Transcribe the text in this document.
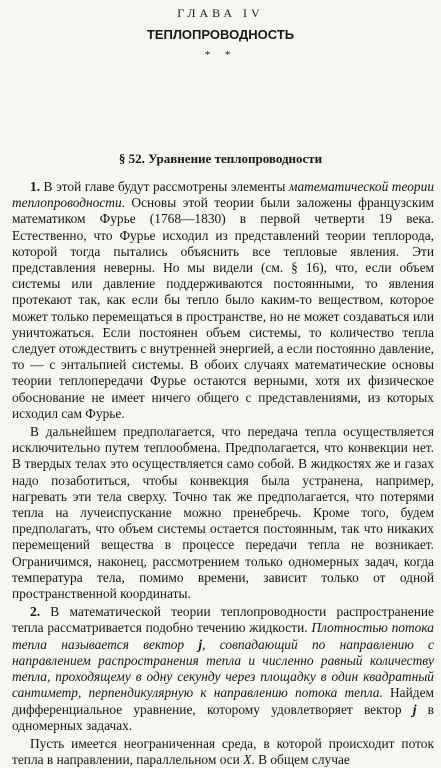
ГЛАВА IV
ТЕПЛОПРОВОДНОСТЬ
* *
§ 52. Уравнение теплопроводности

1. В этой главе будут рассмотрены элементы математической теории теплопроводности. Основы этой теории были заложены французским математиком Фурье (1768—1830) в первой четверти 19 века. Естественно, что Фурье исходил из представлений теории теплорода, которой тогда пытались объяснить все тепловые явления. Эти представления неверны. Но мы видели (см. § 16), что, если объем системы или давление поддерживаются постоянными, то явления протекают так, как если бы тепло было каким-то веществом, которое может только перемещаться в пространстве, но не может создаваться или уничтожаться. Если постоянен объем системы, то количество тепла следует отождествить с внутренней энергией, а если постоянно давление, то — с энтальпией системы. В обоих случаях математические основы теории теплопередачи Фурье остаются верными, хотя их физическое обоснование не имеет ничего общего с представлениями, из которых исходил сам Фурье.

В дальнейшем предполагается, что передача тепла осуществляется исключительно путем теплообмена. Предполагается, что конвекции нет. В твердых телах это осуществляется само собой. В жидкостях же и газах надо позаботиться, чтобы конвекция была устранена, например, нагревать эти тела сверху. Точно так же предполагается, что потерями тепла на лучеиспускание можно пренебречь. Кроме того, будем предполагать, что объем системы остается постоянным, так что никаких перемещений вещества в процессе передачи тепла не возникает. Ограничимся, наконец, рассмотрением только одномерных задач, когда температура тела, помимо времени, зависит только от одной пространственной координаты.

2. В математической теории теплопроводности распространение тепла рассматривается подобно течению жидкости. Плотностью потока тепла называется вектор j, совпадающий по направлению с направлением распространения тепла и численно равный количеству тепла, проходящему в одну секунду через площадку в один квадратный сантиметр, перпендикулярную к направлению потока тепла. Найдем дифференциальное уравнение, которому удовлетворяет вектор j в одномерных задачах.

Пусть имеется неограниченная среда, в которой происходит поток тепла в направлении, параллельном оси X. В общем случае
